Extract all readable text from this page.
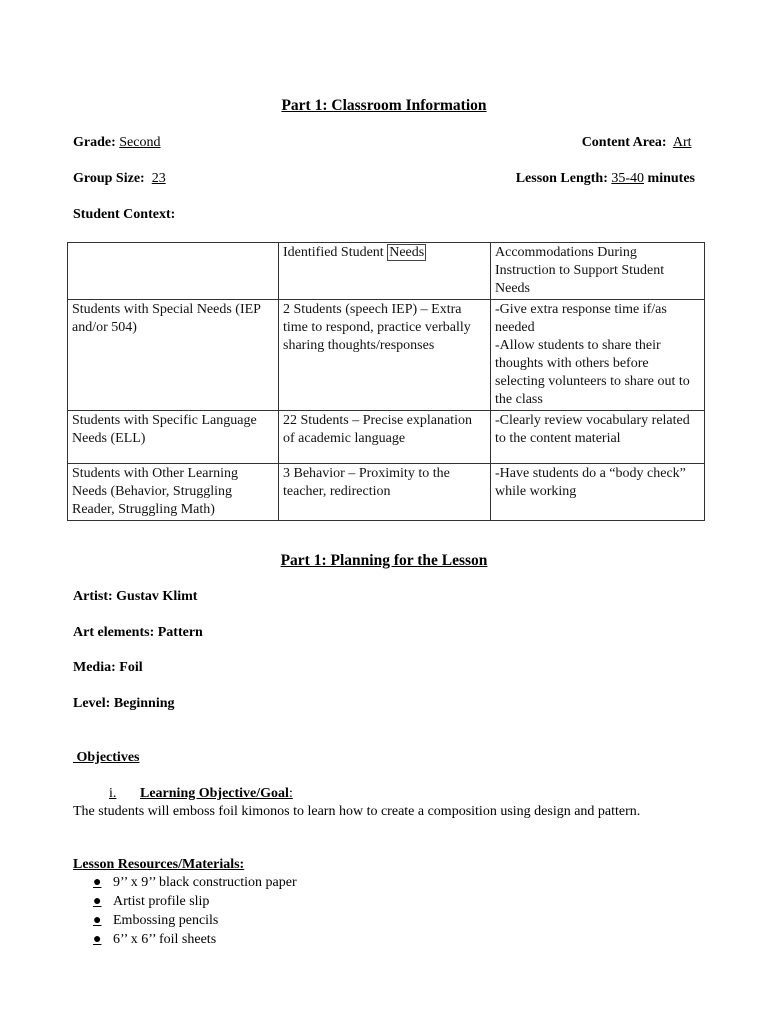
Part 1: Classroom Information
Grade: Second	Content Area: Art
Group Size: 23	Lesson Length: 35-40 minutes
Student Context:
	Identified Student Needs	Accommodations During Instruction to Support Student Needs
Students with Special Needs (IEP and/or 504)	2 Students (speech IEP) – Extra time to respond, practice verbally sharing thoughts/responses	-Give extra response time if/as needed
-Allow students to share their thoughts with others before selecting volunteers to share out to the class

Students with Specific Language Needs (ELL)	22 Students – Precise explanation of academic language	-Clearly review vocabulary related to the content material

Students with Other Learning Needs (Behavior, Struggling Reader, Struggling Math)	3 Behavior – Proximity to the teacher, redirection	-Have students do a “body check” while working
Part 1: Planning for the Lesson
Artist: Gustav Klimt
Art elements: Pattern
Media: Foil
Level: Beginning
Objectives
i. Learning Objective/Goal:
The students will emboss foil kimonos to learn how to create a composition using design and pattern.
Lesson Resources/Materials:
● 9’’ x 9’’ black construction paper
● Artist profile slip
● Embossing pencils
● 6’’ x 6’’ foil sheets
